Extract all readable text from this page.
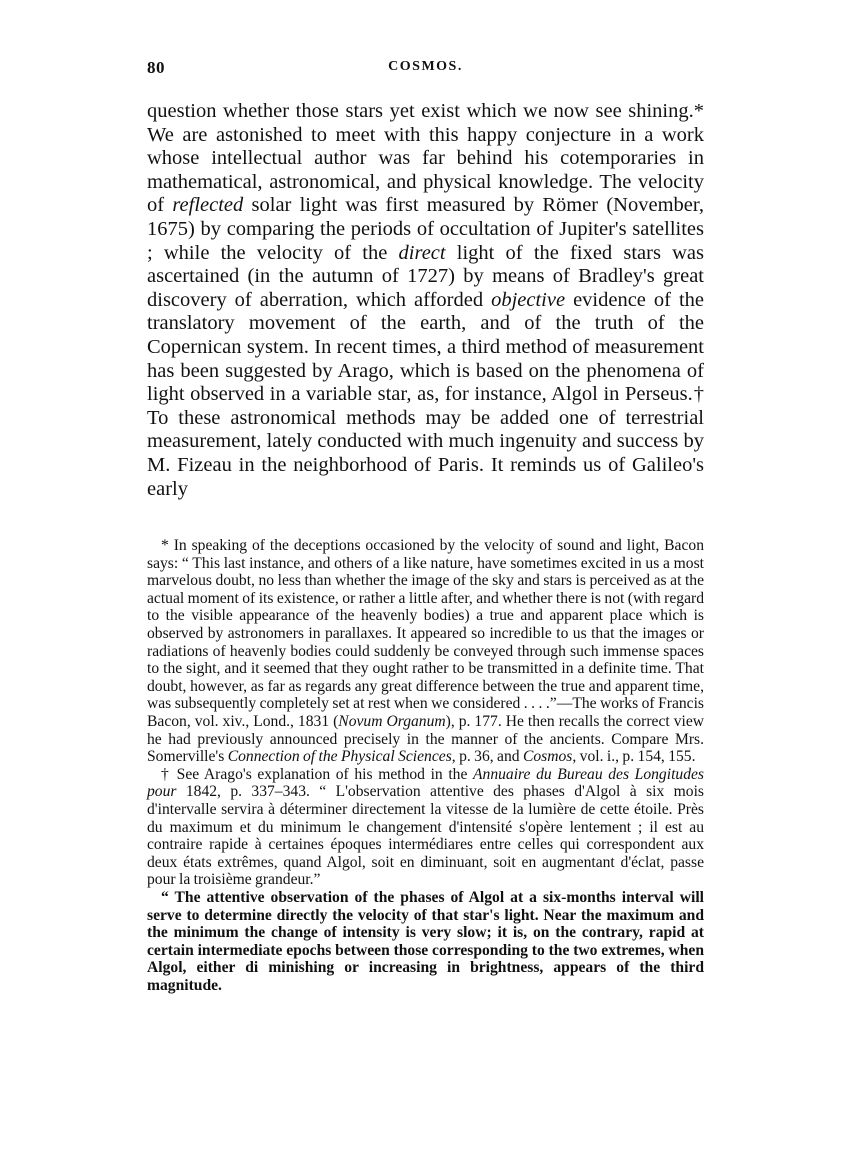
80	COSMOS.

question whether those stars yet exist which we now see shining.* We are astonished to meet with this happy conjecture in a work whose intellectual author was far behind his cotemporaries in mathematical, astronomical, and physical knowledge. The velocity of reflected solar light was first measured by Römer (November, 1675) by comparing the periods of occultation of Jupiter's satellites ; while the velocity of the direct light of the fixed stars was ascertained (in the autumn of 1727) by means of Bradley's great discovery of aberration, which afforded objective evidence of the translatory movement of the earth, and of the truth of the Copernican system. In recent times, a third method of measurement has been suggested by Arago, which is based on the phenomena of light observed in a variable star, as, for instance, Algol in Perseus.† To these astronomical methods may be added one of terrestrial measurement, lately conducted with much ingenuity and success by M. Fizeau in the neighborhood of Paris. It reminds us of Galileo's early

* In speaking of the deceptions occasioned by the velocity of sound and light, Bacon says: “ This last instance, and others of a like nature, have sometimes excited in us a most marvelous doubt, no less than whether the image of the sky and stars is perceived as at the actual moment of its existence, or rather a little after, and whether there is not (with regard to the visible appearance of the heavenly bodies) a true and apparent place which is observed by astronomers in parallaxes. It appeared so incredible to us that the images or radiations of heavenly bodies could suddenly be conveyed through such immense spaces to the sight, and it seemed that they ought rather to be transmitted in a definite time. That doubt, however, as far as regards any great difference between the true and apparent time, was subsequently completely set at rest when we considered . . . .”—The works of Francis Bacon, vol. xiv., Lond., 1831 (Novum Organum), p. 177. He then recalls the correct view he had previously announced precisely in the manner of the ancients. Compare Mrs. Somerville's Connection of the Physical Sciences, p. 36, and Cosmos, vol. i., p. 154, 155.

† See Arago's explanation of his method in the Annuaire du Bureau des Longitudes pour 1842, p. 337–343. “ L'observation attentive des phases d'Algol à six mois d'intervalle servira à déterminer directement la vitesse de la lumière de cette étoile. Près du maximum et du minimum le changement d'intensité s'opère lentement ; il est au contraire rapide à certaines époques intermédiares entre celles qui correspondent aux deux états extrêmes, quand Algol, soit en diminuant, soit en augmentant d'éclat, passe pour la troisième grandeur.”

“ The attentive observation of the phases of Algol at a six-months interval will serve to determine directly the velocity of that star's light. Near the maximum and the minimum the change of intensity is very slow; it is, on the contrary, rapid at certain intermediate epochs between those corresponding to the two extremes, when Algol, either di minishing or increasing in brightness, appears of the third magnitude.
